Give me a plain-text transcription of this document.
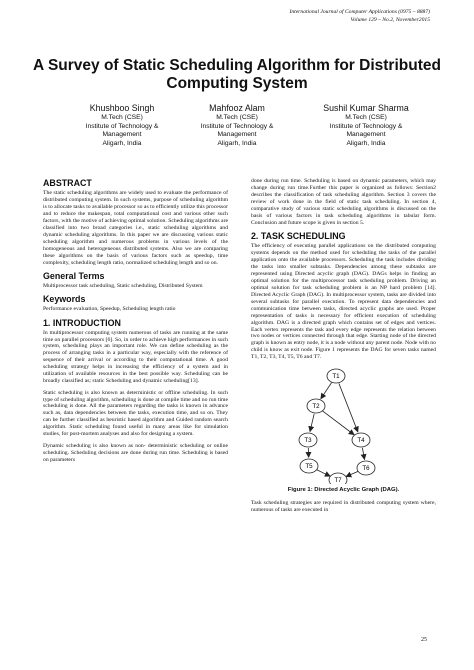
International Journal of Computer Applications (0975 – 8887)
Volume 129 – No.2, November2015
A Survey of Static Scheduling Algorithm for Distributed Computing System
Khushboo Singh
M.Tech (CSE)
Institute of Technology &
Management
Aligarh, India
Mahfooz Alam
M.Tech (CSE)
Institute of Technology &
Management
Aligarh, India
Sushil Kumar Sharma
M.Tech (CSE)
Institute of Technology &
Management
Aligarh, India
ABSTRACT

The static scheduling algorithms are widely used to evaluate the performance of distributed computing system. In such systems, purpose of scheduling algorithm is to allocate tasks to available processor so as to efficiently utilize this processor and to reduce the makespan, total computational cost and various other such factors, with the motive of achieving optimal solution. Scheduling algorithms are classified into two broad categories i.e., static scheduling algorithms and dynamic scheduling algorithms. In this paper we are discussing various static scheduling algorithm and numerous problems in various levels of the homogeneous and heterogeneous distributed systems. Also we are comparing these algorithms on the basis of various factors such as speedup, time complexity, scheduling length ratio, normalized scheduling length and so on.

General Terms

Multiprocessor task scheduling, Static scheduling, Distributed System

Keywords

Performance evaluation, Speedup, Scheduling length ratio

1. INTRODUCTION

In multiprocessor computing system numerous of tasks are running at the same time on parallel processors [6]. So, in order to achieve high performances in such system, scheduling plays an important role. We can define scheduling as the process of arranging tasks in a particular way, especially with the reference of sequence of their arrival or according to their computational time. A good scheduling strategy helps in increasing the efficiency of a system and in utilization of available resources in the best possible way. Scheduling can be broadly classified as; static Scheduling and dynamic scheduling[13].

Static scheduling is also known as deterministic or offline scheduling. In such type of scheduling algorithm, scheduling is done at compile time and no run time scheduling is done. All the parameters regarding the tasks is known in advance such as, data dependencies between the tasks, execution time, and so on. They can be further classified as heuristic based algorithm and Guided random search algorithm. Static scheduling found useful in many areas like for simulation studies, for post-mortem analyses and also for designing a system.

Dynamic scheduling is also known as non- deterministic scheduling or online scheduling. Scheduling decisions are done during run time. Scheduling is based on parameters

done during run time. Scheduling is based on dynamic parameters, which may change during run time.Further this paper is organized as follows: Section2 describes the classification of task scheduling algorithm. Section 3 covers the review of work done in the field of static task scheduling. In section 4, comparative study of various static scheduling algorithms is discussed on the basis of various factors in task scheduling algorithms in tabular form. Conclusion and future scope is given in section 5.

2. TASK SCHEDULING

The efficiency of executing parallel applications on the distributed computing systems depends on the method used for scheduling the tasks of the parallel application onto the available processors. Scheduling the task includes dividing the tasks into smaller subtasks. Dependencies among these subtasks are represented using Directed acyclic graph (DAG). DAGs helps in finding an optimal solution for the multiprocessor task scheduling problem. Driving an optimal solution for task scheduling problem is an NP hard problem [14]. Directed Acyclic Graph (DAG). In multiprocessor system, tasks are divided into several subtasks for parallel execution. To represent data dependencies and communication time between tasks, directed acyclic graphs are used. Proper representation of tasks is necessary for efficient execution of scheduling algorithm. DAG is a directed graph which contains set of edges and vertices. Each vertex represents the task and every edge represents the relation between two nodes or vertices connected through that edge. Starting node of the directed graph is known as entry node, it is a node without any parent node. Node with no child is know as exit node. Figure 1 represents the DAG for seven tasks named T1, T2, T3, T4, T5, T6 and T7.

T1
T2
T3	T4
T5	T6
T7
Figure 1: Directed Acyclic Graph (DAG).

Task scheduling strategies are required in distributed computing system where, numerous of tasks are executed in

25
